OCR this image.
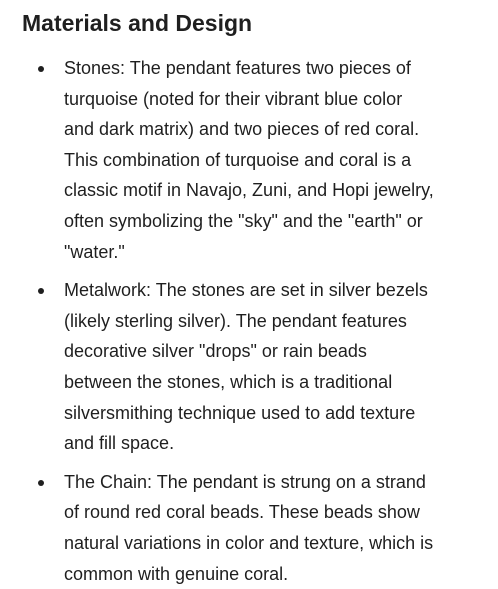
Materials and Design
Stones: The pendant features two pieces of
turquoise (noted for their vibrant blue color
and dark matrix) and two pieces of red coral.
This combination of turquoise and coral is a
classic motif in Navajo, Zuni, and Hopi jewelry,
often symbolizing the "sky" and the "earth" or
"water."
Metalwork: The stones are set in silver bezels
(likely sterling silver). The pendant features
decorative silver "drops" or rain beads
between the stones, which is a traditional
silversmithing technique used to add texture
and fill space.
The Chain: The pendant is strung on a strand
of round red coral beads. These beads show
natural variations in color and texture, which is
common with genuine coral.
